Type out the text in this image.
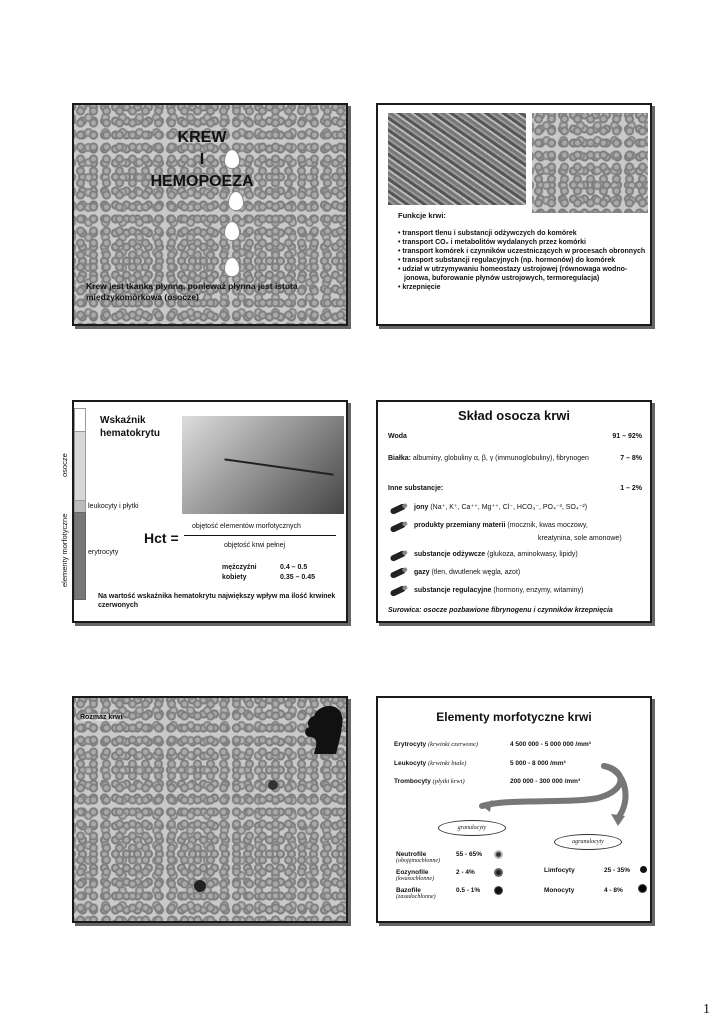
KREW
I
HEMOPOEZA
Krew jest tkanką płynną, ponieważ płynna jest istota międzykomórkowa (osocze)
Funkcje krwi:
• transport tlenu i substancji odżywczych do komórek
• transport CO₂ i metabolitów wydalanych przez komórki
• transport komórek i czynników uczestniczących w procesach obronnych
• transport substancji regulacyjnych (np. hormonów) do komórek
• udział w utrzymywaniu homeostazy ustrojowej (równowaga wodno-jonowa, buforowanie płynów ustrojowych, termoregulacja)
• krzepnięcie
osocze
elementy morfotyczne
Wskaźnik hematokrytu
leukocyty i płytki
erytrocyty
Hct =
objętość elementów morfotycznych
objętość krwi pełnej
mężczyźni	0.4 – 0.5
kobiety	0.35 – 0.45
Na wartość wskaźnika hematokrytu największy wpływ ma ilość krwinek czerwonych
Skład osocza krwi
Woda	91 – 92%
Białka: albuminy, globuliny α, β, γ (immunoglobuliny), fibrynogen	7 – 8%
Inne substancje:	1 – 2%
jony (Na⁺, K⁺, Ca⁺⁺, Mg⁺⁺, Cl⁻, HCO₃⁻, PO₄⁻³, SO₄⁻²)
produkty przemiany materii (mocznik, kwas moczowy,
kreatynina, sole amonowe)
substancje odżywcze (glukoza, aminokwasy, lipidy)
gazy (tlen, dwutlenek węgla, azot)
substancje regulacyjne (hormony, enzymy, witaminy)
Surowica: osocze pozbawione fibrynogenu i czynników krzepnięcia
Rozmaz krwi	Elementy morfotyczne krwi
Erytrocyty (krwinki czerwone)	4 500 000 - 5 000 000 /mm³
Leukocyty (krwinki białe)	5 000 - 8 000 /mm³
Trombocyty (płytki krwi)	200 000 - 300 000 /mm³
granulocyty
agranulocyty
Neutrofile
(obojętnochłonne)
55 - 65%
Eozynofile
(kwasochłonne)
2 - 4%
Bazofile
(zasadochłonne)
0.5 - 1%
Limfocyty	25 - 35%
Monocyty	4 - 8%
1
